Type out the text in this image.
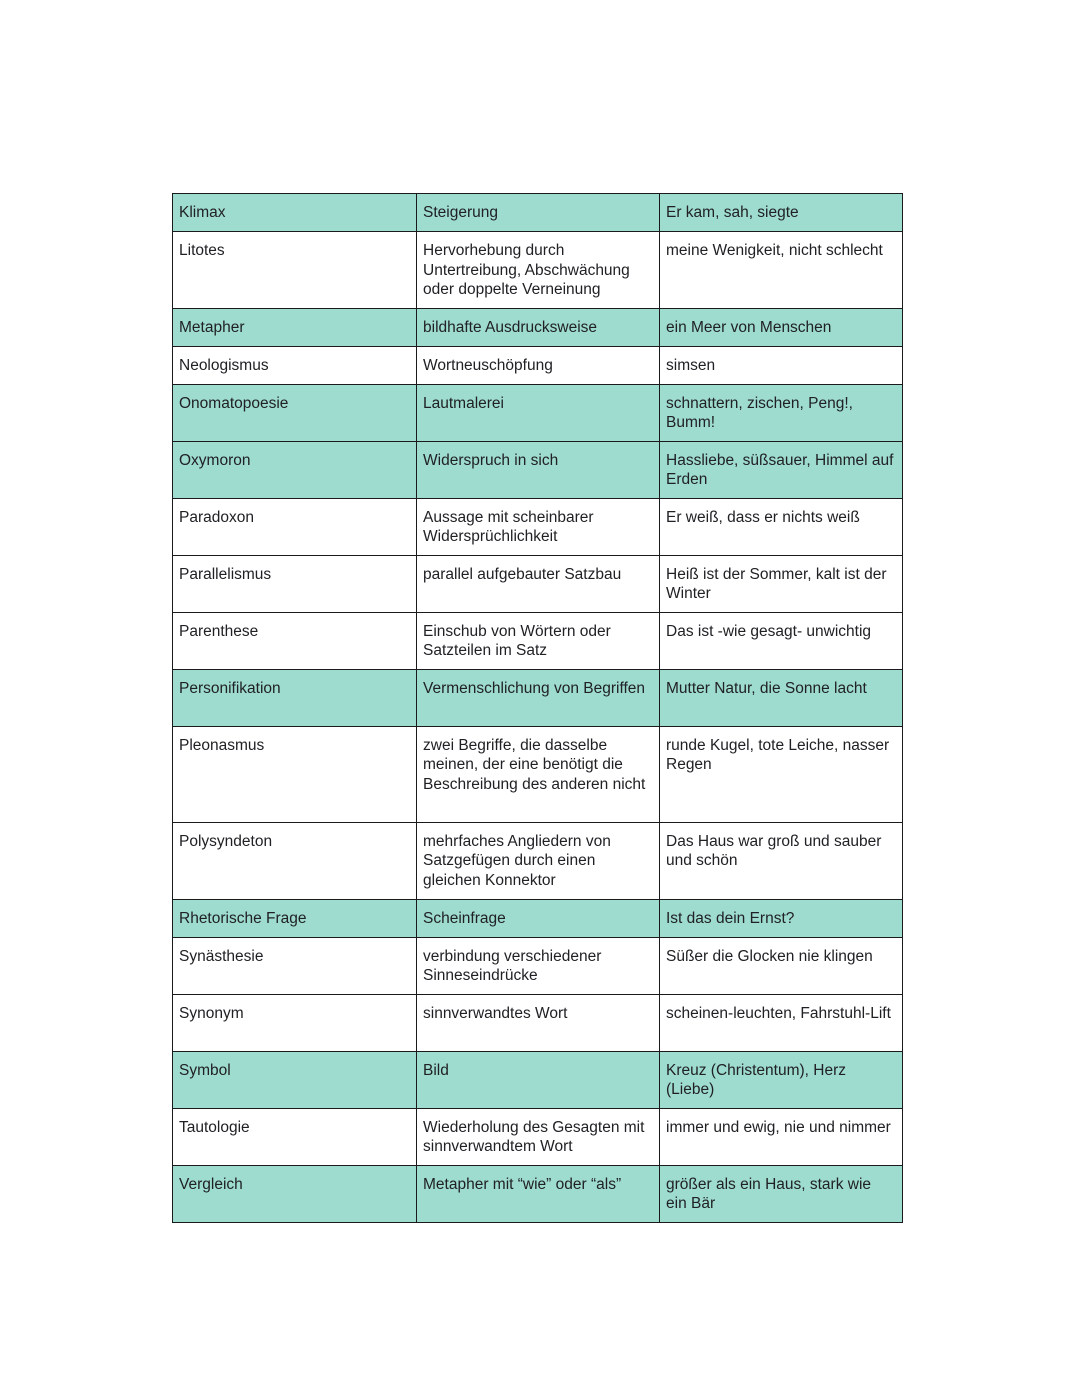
Klimax	Steigerung	Er kam, sah, siegte
Litotes	Hervorhebung durch Untertreibung, Abschwächung oder doppelte Verneinung	meine Wenigkeit, nicht schlecht
Metapher	bildhafte Ausdrucksweise	ein Meer von Menschen
Neologismus	Wortneuschöpfung	simsen
Onomatopoesie	Lautmalerei	schnattern, zischen, Peng!, Bumm!
Oxymoron	Widerspruch in sich	Hassliebe, süßsauer, Himmel auf Erden
Paradoxon	Aussage mit scheinbarer Widersprüchlichkeit	Er weiß, dass er nichts weiß
Parallelismus	parallel aufgebauter Satzbau	Heiß ist der Sommer, kalt ist der Winter
Parenthese	Einschub von Wörtern oder Satzteilen im Satz	Das ist -wie gesagt- unwichtig
Personifikation	Vermenschlichung von Begriffen	Mutter Natur, die Sonne lacht
Pleonasmus	zwei Begriffe, die dasselbe meinen, der eine benötigt die Beschreibung des anderen nicht	runde Kugel, tote Leiche, nasser Regen
Polysyndeton	mehrfaches Angliedern von Satzgefügen durch einen gleichen Konnektor	Das Haus war groß und sauber und schön
Rhetorische Frage	Scheinfrage	Ist das dein Ernst?
Synästhesie	verbindung verschiedener Sinneseindrücke	Süßer die Glocken nie klingen
Synonym	sinnverwandtes Wort	scheinen-leuchten, Fahrstuhl-Lift
Symbol	Bild	Kreuz (Christentum), Herz (Liebe)
Tautologie	Wiederholung des Gesagten mit sinnverwandtem Wort	immer und ewig, nie und nimmer
Vergleich	Metapher mit “wie” oder “als”	größer als ein Haus, stark wie ein Bär
